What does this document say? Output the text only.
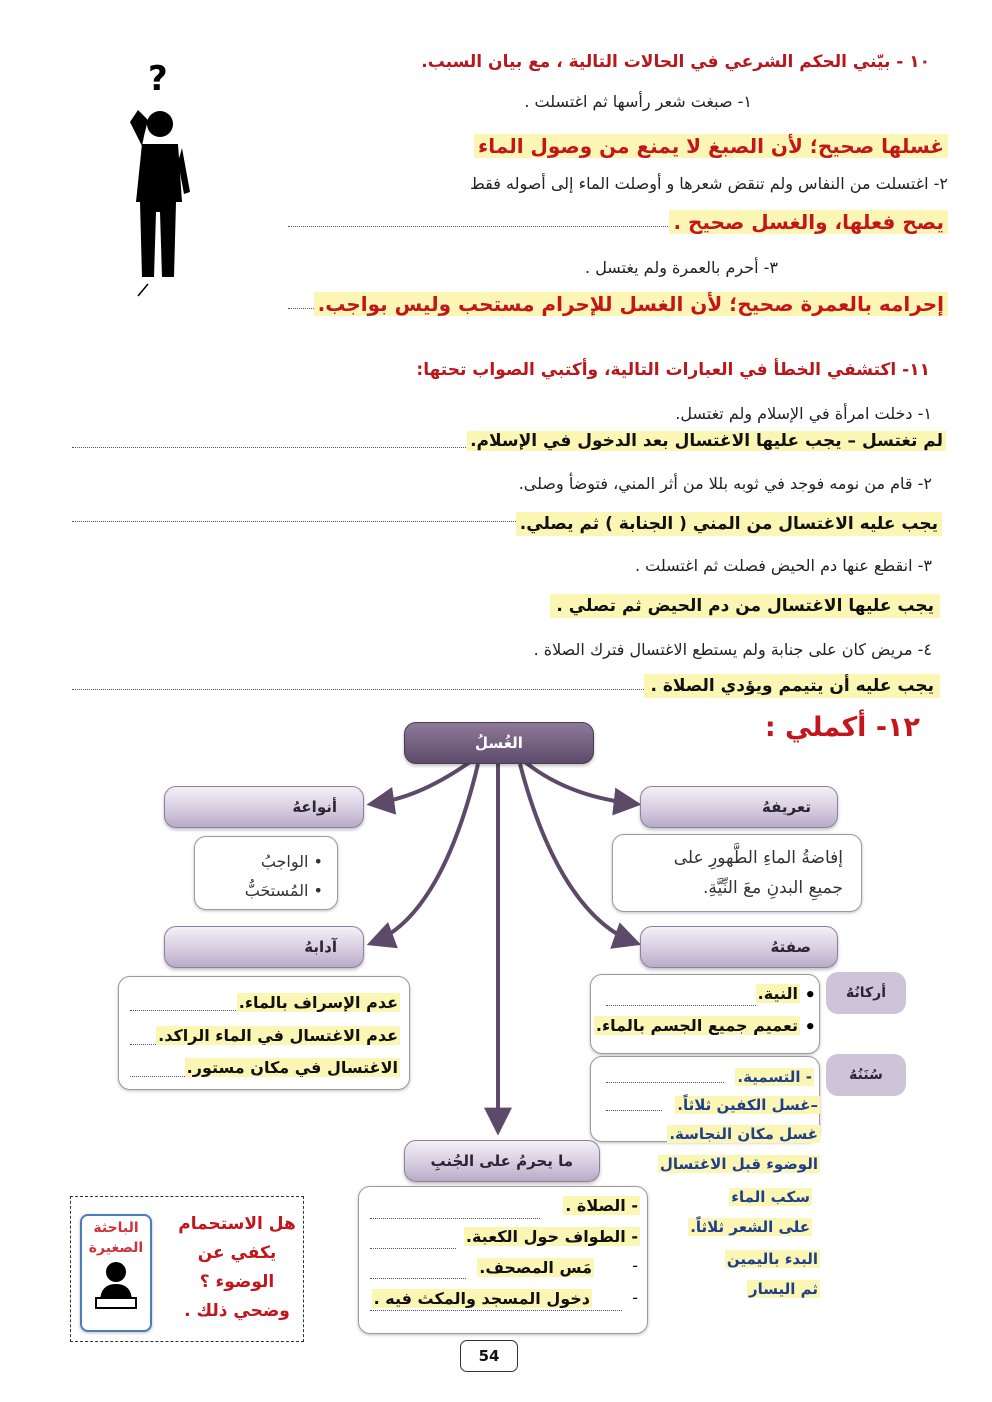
?	١٠ - بيّني الحكم الشرعي في الحالات التالية ، مع بيان السبب.
١- صبغت شعر رأسها ثم اغتسلت .
غسلها صحيح؛ لأن الصبغ لا يمنع من وصول الماء
٢- اغتسلت من النفاس ولم تنقض شعرها و أوصلت الماء إلى أصوله فقط
يصح فعلها، والغسل صحيح .
٣- أحرم بالعمرة ولم يغتسل .
إحرامه بالعمرة صحيح؛ لأن الغسل للإحرام مستحب وليس بواجب.
١١- اكتشفي الخطأ في العبارات التالية، وأكتبي الصواب تحتها:
١- دخلت امرأة في الإسلام ولم تغتسل.
لم تغتسل – يجب عليها الاغتسال بعد الدخول في الإسلام.
٢- قام من نومه فوجد في ثوبه بللا من أثر المني، فتوضأ وصلى.
يجب عليه الاغتسال من المني ( الجنابة ) ثم يصلي.
٣- انقطع عنها دم الحيض فصلت ثم اغتسلت .
يجب عليها الاغتسال من دم الحيض ثم تصلي .
٤- مريض كان على جنابة ولم يستطع الاغتسال فترك الصلاة .
يجب عليه أن يتيمم ويؤدي الصلاة .
١٢- أكملي :
الغُسلُ
أنواعهُ
• الواجبُ
• المُستحَبُّ
تعريفهُ
إفاضةُ الماءِ الطَّهورِ على
جميعِ البدنِ معَ النِّيَّةِ.
آدابهُ
عدم الإسراف بالماء.
عدم الاغتسال في الماء الراكد.
الاغتسال في مكان مستور.
صفتهُ
أركانُهُ
•
النية.
•
تعميم جميع الجسم بالماء.
سُنَنُهُ
- التسمية.
–غسل الكفين ثلاثاً.
غسل مكان النجاسة.
الوضوء قبل الاغتسال
سكب الماء
على الشعر ثلاثاً.
البدء باليمين
ثم اليسار
ما يحرمُ على الجُنبِ
- الصلاة .
- الطواف حول الكعبة.
مَس المصحف.	-
دخول المسجد والمكث فيه .	-
الباحثة
الصغيرة
هل الاستحمام
يكفي عن
الوضوء ؟
وضحي ذلك .
54
